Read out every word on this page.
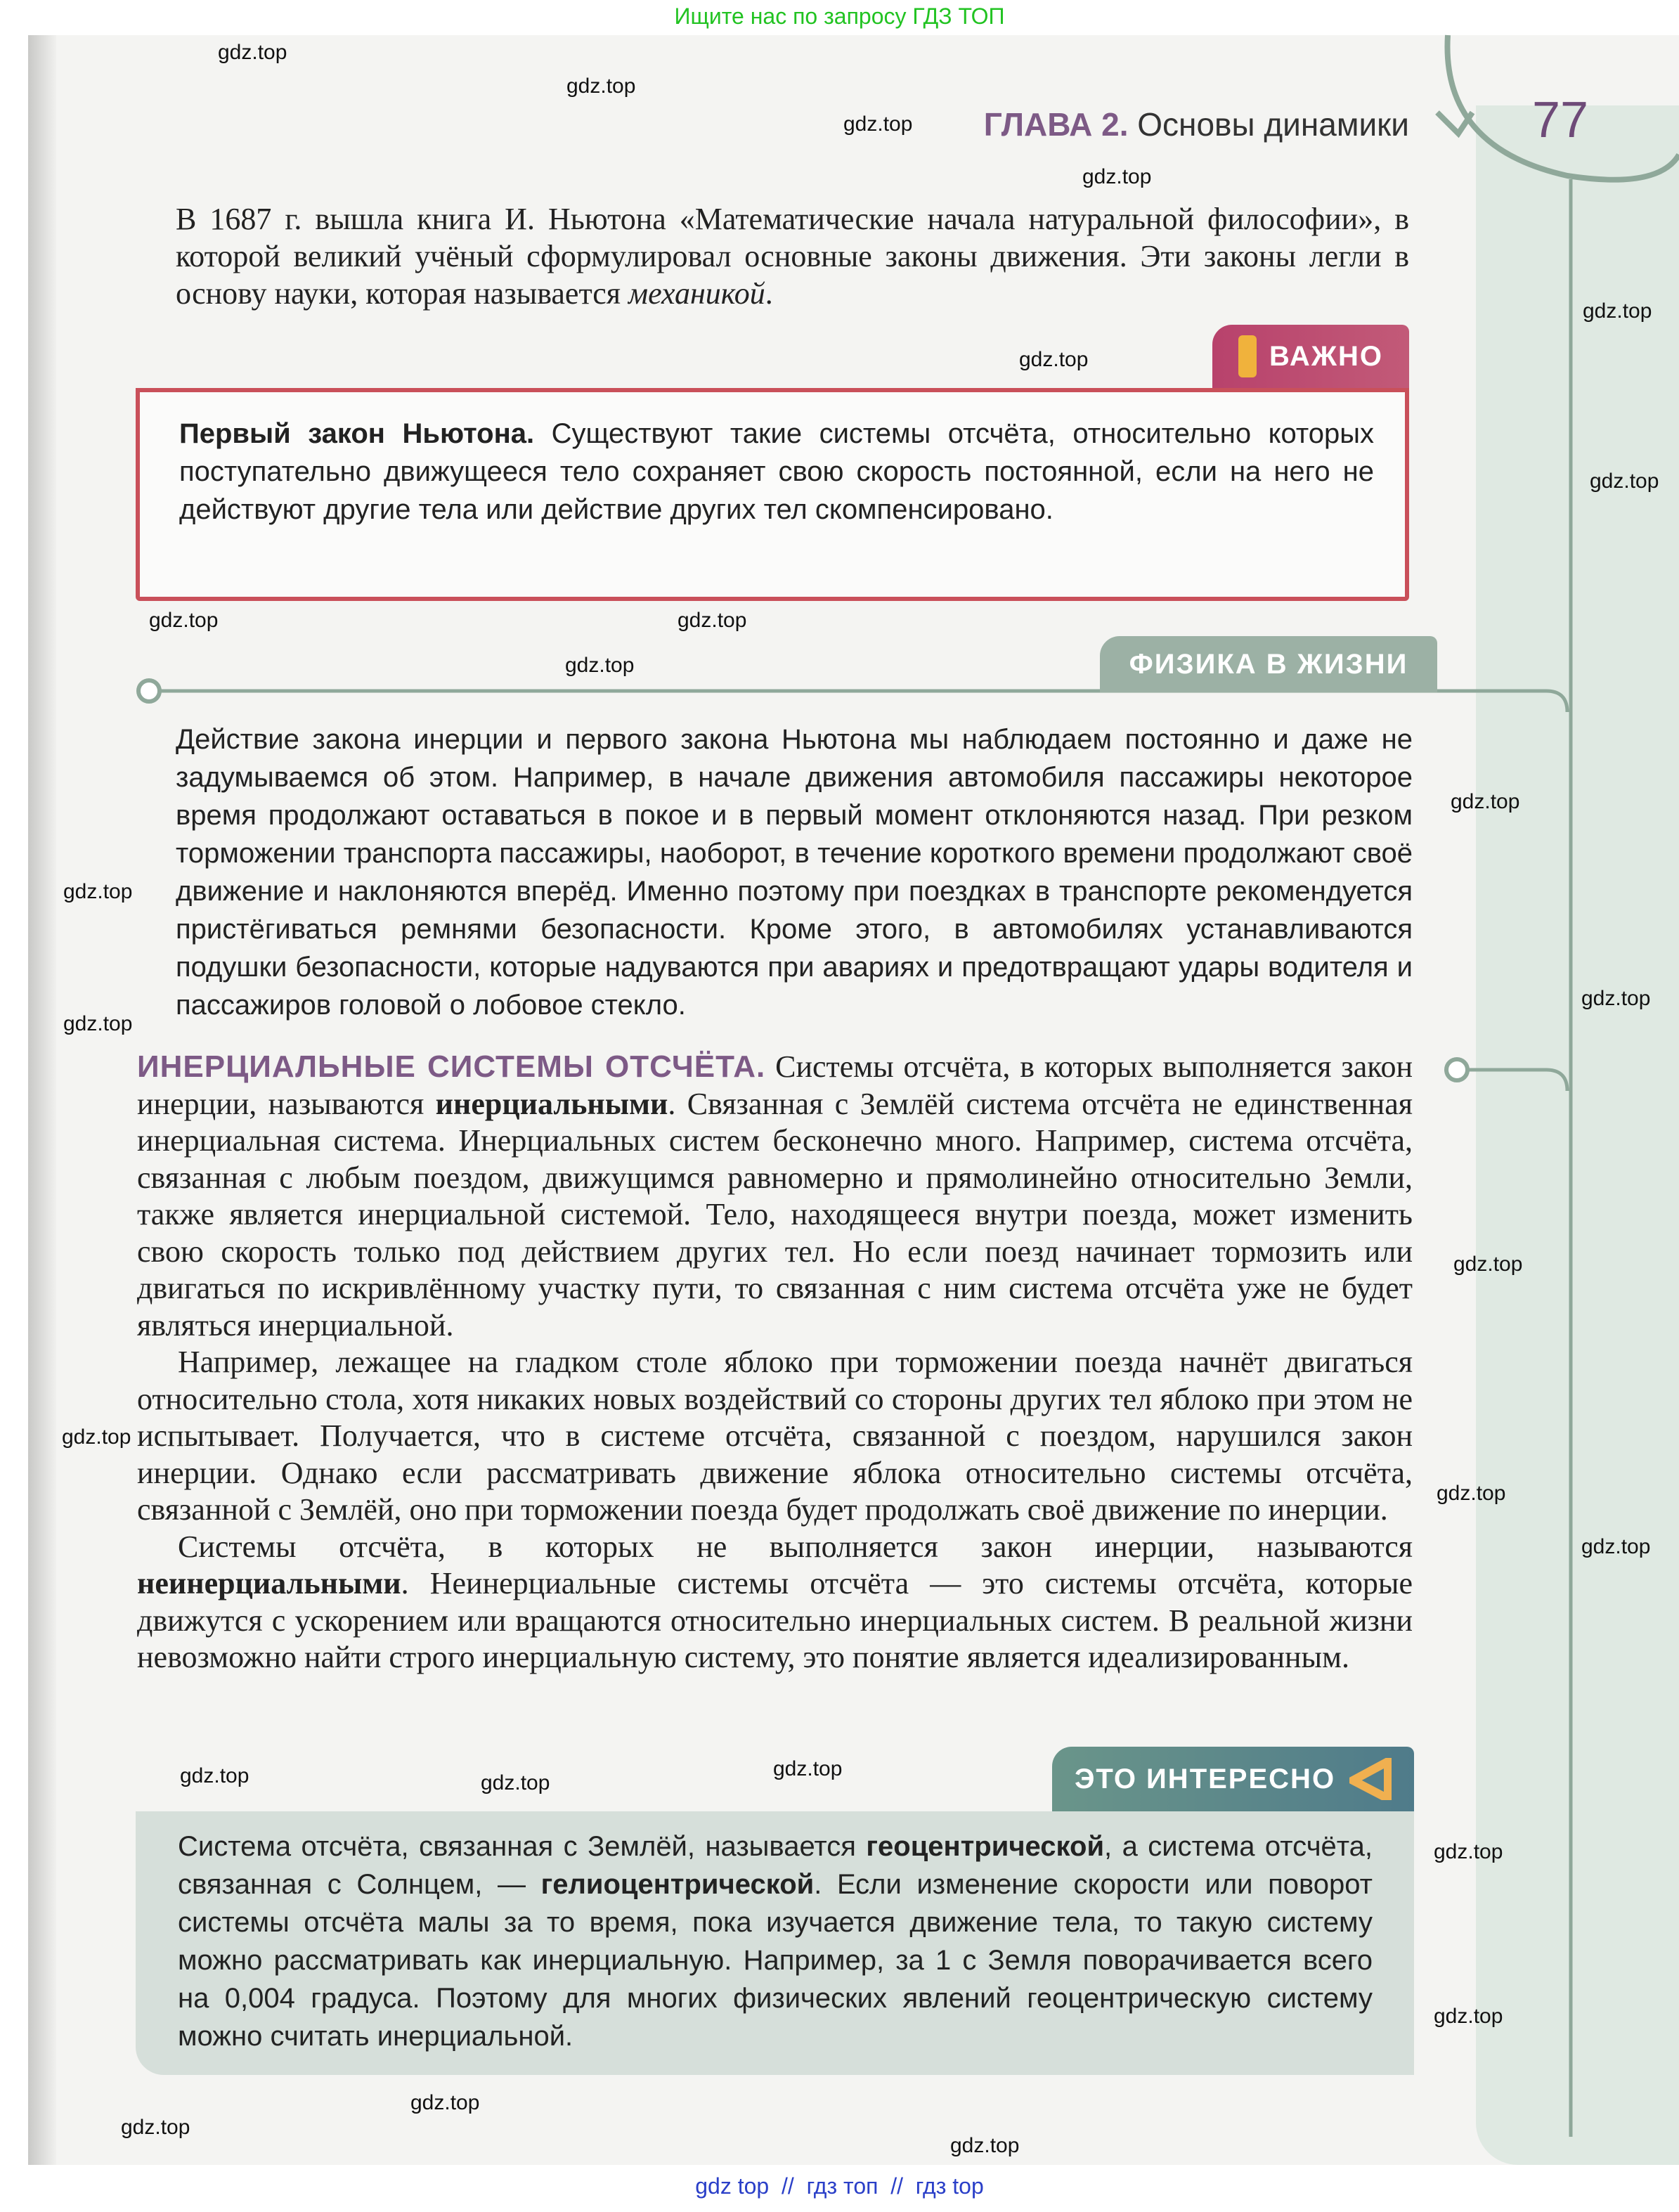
Ищите нас по запросу ГДЗ ТОП
ГЛАВА 2. Основы динамики 77
В 1687 г. вышла книга И. Ньютона «Математические начала натуральной философии», в которой великий учёный сформулировал основные законы движения. Эти законы легли в основу науки, которая называется механикой.
ВАЖНО
Первый закон Ньютона. Существуют такие системы отсчёта, относительно которых поступательно движущееся тело сохраняет свою скорость постоянной, если на него не действуют другие тела или действие других тел скомпенсировано.
ФИЗИКА В ЖИЗНИ
Действие закона инерции и первого закона Ньютона мы наблюдаем постоянно и даже не задумываемся об этом. Например, в начале движения автомобиля пассажиры некоторое время продолжают оставаться в покое и в первый момент отклоняются назад. При резком торможении транспорта пассажиры, наоборот, в течение короткого времени продолжают своё движение и наклоняются вперёд. Именно поэтому при поездках в транспорте рекомендуется пристёгиваться ремнями безопасности. Кроме этого, в автомобилях устанавливаются подушки безопасности, которые надуваются при авариях и предотвращают удары водителя и пассажиров головой о лобовое стекло.

ИНЕРЦИАЛЬНЫЕ СИСТЕМЫ ОТСЧЁТА. Системы отсчёта, в которых выполняется закон инерции, называются инерциальными. Связанная с Землёй система отсчёта не единственная инерциальная система. Инерциальных систем бесконечно много. Например, система отсчёта, связанная с любым поездом, движущимся равномерно и прямолинейно относительно Земли, также является инерциальной системой. Тело, находящееся внутри поезда, может изменить свою скорость только под действием других тел. Но если поезд начинает тормозить или двигаться по искривлённому участку пути, то связанная с ним система отсчёта уже не будет являться инерциальной.

Например, лежащее на гладком столе яблоко при торможении поезда начнёт двигаться относительно стола, хотя никаких новых воздействий со стороны других тел яблоко при этом не испытывает. Получается, что в системе отсчёта, связанной с поездом, нарушился закон инерции. Однако если рассматривать движение яблока относительно системы отсчёта, связанной с Землёй, оно при торможении поезда будет продолжать своё движение по инерции.

Системы отсчёта, в которых не выполняется закон инерции, называются неинерциальными. Неинерциальные системы отсчёта — это системы отсчёта, которые движутся с ускорением или вращаются относительно инерциальных систем. В реальной жизни невозможно найти строго инерциальную систему, это понятие является идеализированным.

ЭТО ИНТЕРЕСНО
Система отсчёта, связанная с Землёй, называется геоцентрической, а система отсчёта, связанная с Солнцем, — гелиоцентрической. Если изменение скорости или поворот системы отсчёта малы за то время, пока изучается движение тела, то такую систему можно рассматривать как инерциальную. Например, за 1 с Земля поворачивается всего на 0,004 градуса. Поэтому для многих физических явлений геоцентрическую систему можно считать инерциальной.
gdz.top
gdz.top
gdz.top
gdz.top
gdz.top
gdz.top
gdz.top
gdz.top
gdz.top
gdz.top
gdz.top
gdz.top
gdz.top
gdz.top
gdz.top
gdz.top
gdz.top
gdz.top
gdz.top
gdz.top	gdz.top
gdz.top
gdz.top
gdz.top
gdz.top
gdz.top
gdz top  //  гдз топ  //  гдз top
